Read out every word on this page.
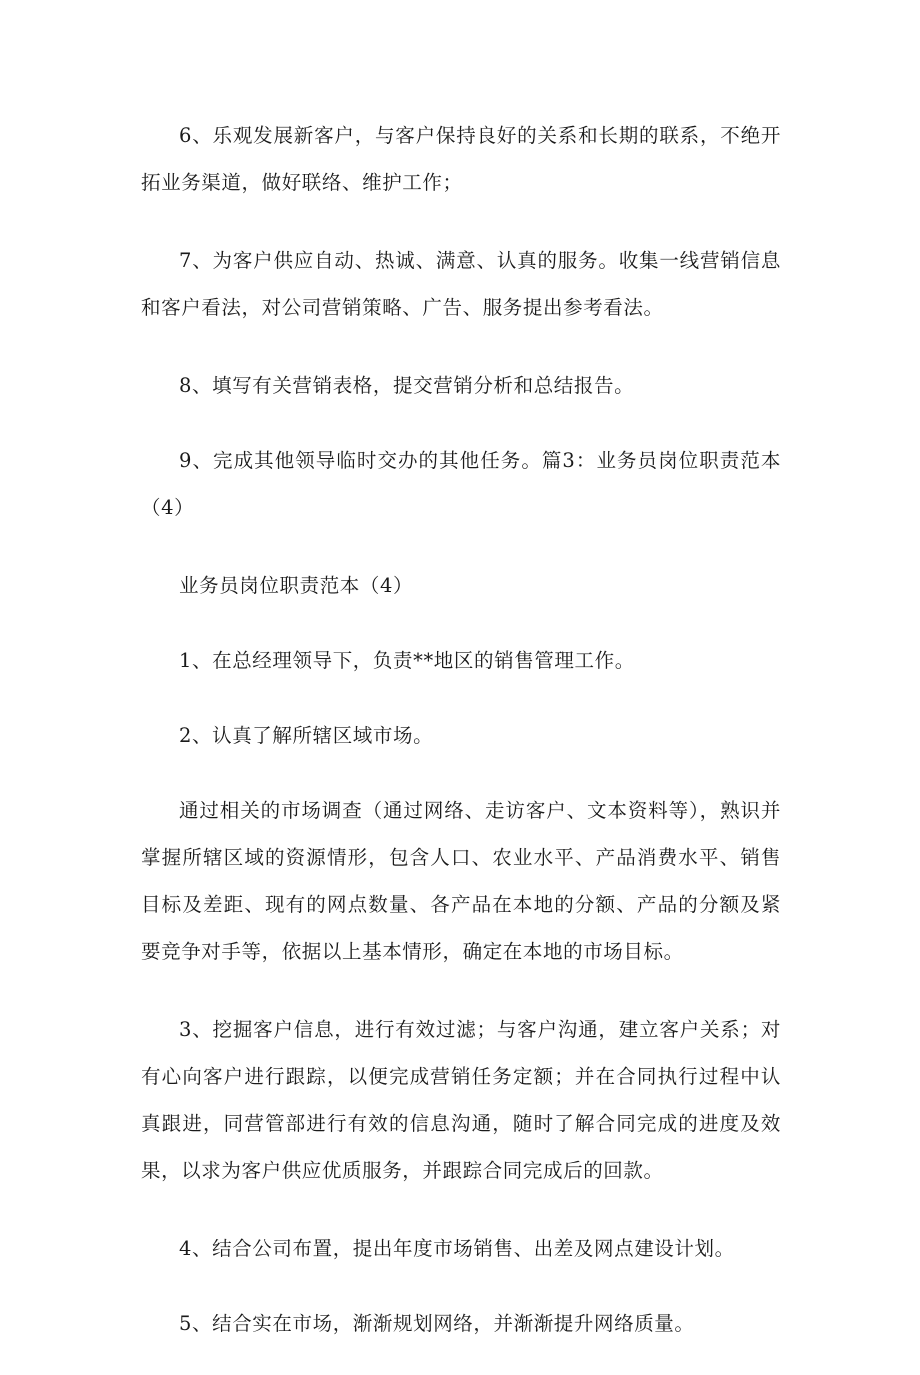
6、乐观发展新客户，与客户保持良好的关系和长期的联系，不绝开拓业务渠道，做好联络、维护工作；

7、为客户供应自动、热诚、满意、认真的服务。收集一线营销信息和客户看法，对公司营销策略、广告、服务提出参考看法。

8、填写有关营销表格，提交营销分析和总结报告。

9、完成其他领导临时交办的其他任务。篇3：业务员岗位职责范本（4）

业务员岗位职责范本（4）

1、在总经理领导下，负责**地区的销售管理工作。

2、认真了解所辖区域市场。

通过相关的市场调查（通过网络、走访客户、文本资料等），熟识并掌握所辖区域的资源情形，包含人口、农业水平、产品消费水平、销售目标及差距、现有的网点数量、各产品在本地的分额、产品的分额及紧要竞争对手等，依据以上基本情形，确定在本地的市场目标。

3、挖掘客户信息，进行有效过滤；与客户沟通，建立客户关系；对有心向客户进行跟踪，以便完成营销任务定额；并在合同执行过程中认真跟进，同营管部进行有效的信息沟通，随时了解合同完成的进度及效果，以求为客户供应优质服务，并跟踪合同完成后的回款。

4、结合公司布置，提出年度市场销售、出差及网点建设计划。

5、结合实在市场，渐渐规划网络，并渐渐提升网络质量。
